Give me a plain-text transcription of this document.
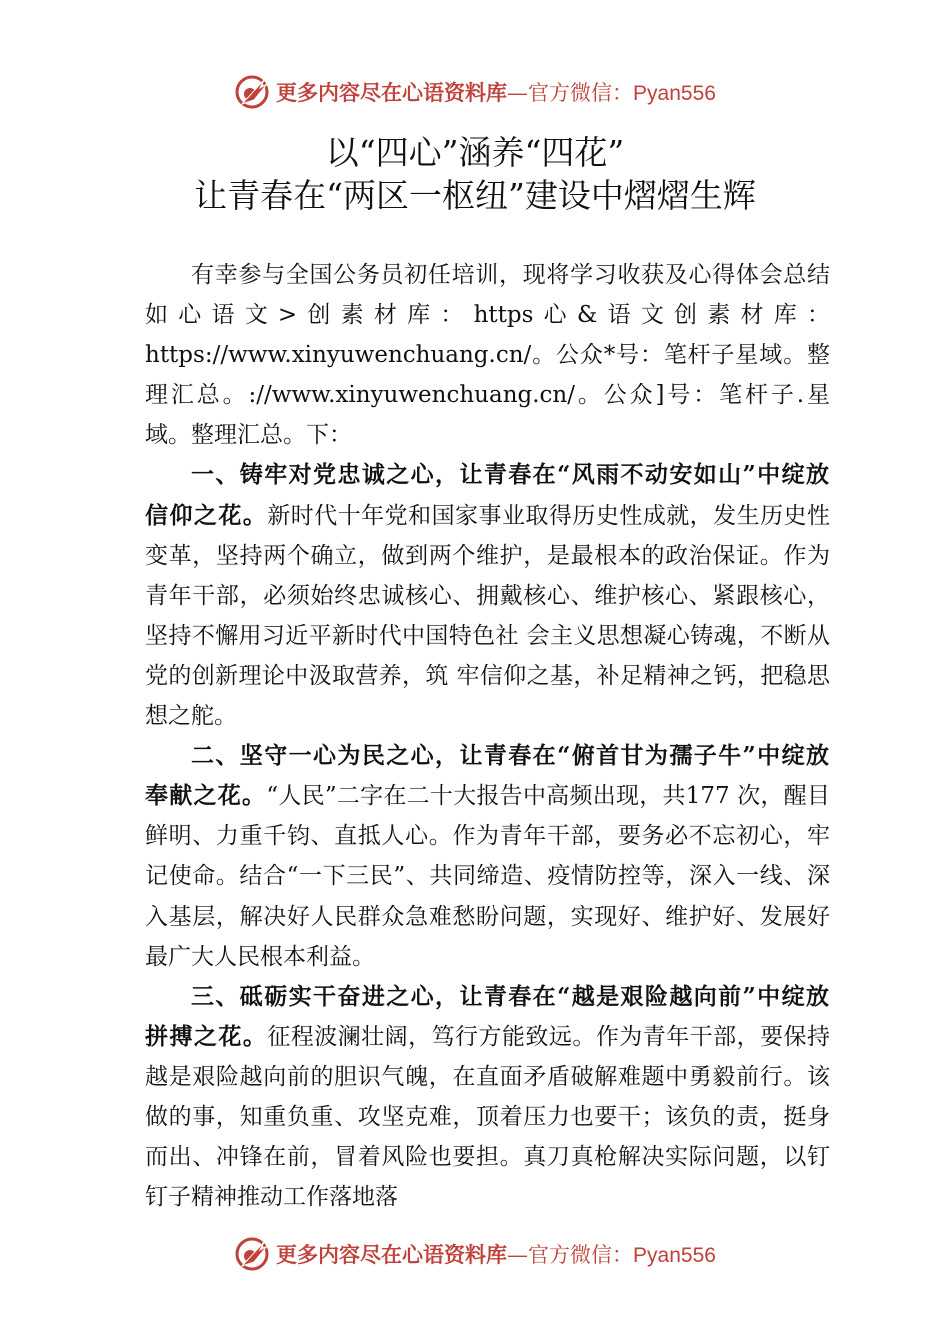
更多内容尽在心语资料库—官方微信：Pyan556
以“四心”涵养“四花”
让青春在“两区一枢纽”建设中熠熠生辉

有幸参与全国公务员初任培训，现将学习收获及心得体会总结如心语文>创素材库：https心&语文创素材库：https://www.xinyuwenchuang.cn/。公众*号：笔杆子星域。整理汇总。://www.xinyuwenchuang.cn/。公众]号：笔杆子.星域。整理汇总。下：

一、铸牢对党忠诚之心，让青春在“风雨不动安如山”中绽放信仰之花。新时代十年党和国家事业取得历史性成就，发生历史性变革，坚持两个确立，做到两个维护，是最根本的政治保证。作为青年干部，必须始终忠诚核心、拥戴核心、维护核心、紧跟核心，坚持不懈用习近平新时代中国特色社 会主义思想凝心铸魂，不断从党的创新理论中汲取营养，筑 牢信仰之基，补足精神之钙，把稳思想之舵。

二、坚守一心为民之心，让青春在“俯首甘为孺子牛”中绽放奉献之花。“人民”二字在二十大报告中高频出现，共177 次，醒目鲜明、力重千钧、直抵人心。作为青年干部，要务必不忘初心，牢记使命。结合“一下三民”、共同缔造、疫情防控等，深入一线、深入基层，解决好人民群众急难愁盼问题，实现好、维护好、发展好最广大人民根本利益。

三、砥砺实干奋进之心，让青春在“越是艰险越向前”中绽放拼搏之花。征程波澜壮阔，笃行方能致远。作为青年干部，要保持越是艰险越向前的胆识气魄，在直面矛盾破解难题中勇毅前行。该做的事，知重负重、攻坚克难，顶着压力也要干；该负的责，挺身而出、冲锋在前，冒着风险也要担。真刀真枪解决实际问题，以钉钉子精神推动工作落地落

更多内容尽在心语资料库—官方微信：Pyan556
